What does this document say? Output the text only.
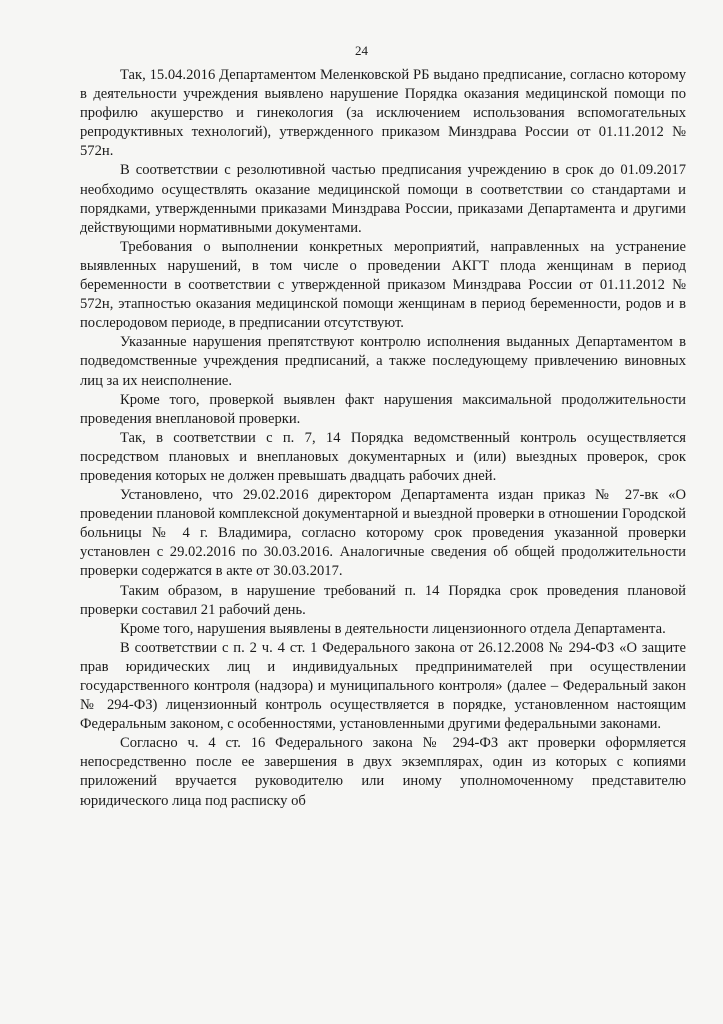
24

Так, 15.04.2016 Департаментом Меленковской РБ выдано предписание, согласно которому в деятельности учреждения выявлено нарушение Порядка оказания медицинской помощи по профилю акушерство и гинекология (за исключением использования вспомогательных репродуктивных технологий), утвержденного приказом Минздрава России от 01.11.2012 № 572н.

В соответствии с резолютивной частью предписания учреждению в срок до 01.09.2017 необходимо осуществлять оказание медицинской помощи в соответствии со стандартами и порядками, утвержденными приказами Минздрава России, приказами Департамента и другими действующими нормативными документами.

Требования о выполнении конкретных мероприятий, направленных на устранение выявленных нарушений, в том числе о проведении АКГТ плода женщинам в период беременности в соответствии с утвержденной приказом Минздрава России от 01.11.2012 № 572н, этапностью оказания медицинской помощи женщинам в период беременности, родов и в послеродовом периоде, в предписании отсутствуют.

Указанные нарушения препятствуют контролю исполнения выданных Департаментом в подведомственные учреждения предписаний, а также последующему привлечению виновных лиц за их неисполнение.

Кроме того, проверкой выявлен факт нарушения максимальной продолжительности проведения внеплановой проверки.

Так, в соответствии с п. 7, 14 Порядка ведомственный контроль осуществляется посредством плановых и внеплановых документарных и (или) выездных проверок, срок проведения которых не должен превышать двадцать рабочих дней.

Установлено, что 29.02.2016 директором Департамента издан приказ № 27-вк «О проведении плановой комплексной документарной и выездной проверки в отношении Городской больницы № 4 г. Владимира, согласно которому срок проведения указанной проверки установлен с 29.02.2016 по 30.03.2016. Аналогичные сведения об общей продолжительности проверки содержатся в акте от 30.03.2017.

Таким образом, в нарушение требований п. 14 Порядка срок проведения плановой проверки составил 21 рабочий день.

Кроме того, нарушения выявлены в деятельности лицензионного отдела Департамента.

В соответствии с п. 2 ч. 4 ст. 1 Федерального закона от 26.12.2008 № 294-ФЗ «О защите прав юридических лиц и индивидуальных предпринимателей при осуществлении государственного контроля (надзора) и муниципального контроля» (далее – Федеральный закон № 294-ФЗ) лицензионный контроль осуществляется в порядке, установленном настоящим Федеральным законом, с особенностями, установленными другими федеральными законами.

Согласно ч. 4 ст. 16 Федерального закона № 294-ФЗ акт проверки оформляется непосредственно после ее завершения в двух экземплярах, один из которых с копиями приложений вручается руководителю или иному уполномоченному представителю юридического лица под расписку об
